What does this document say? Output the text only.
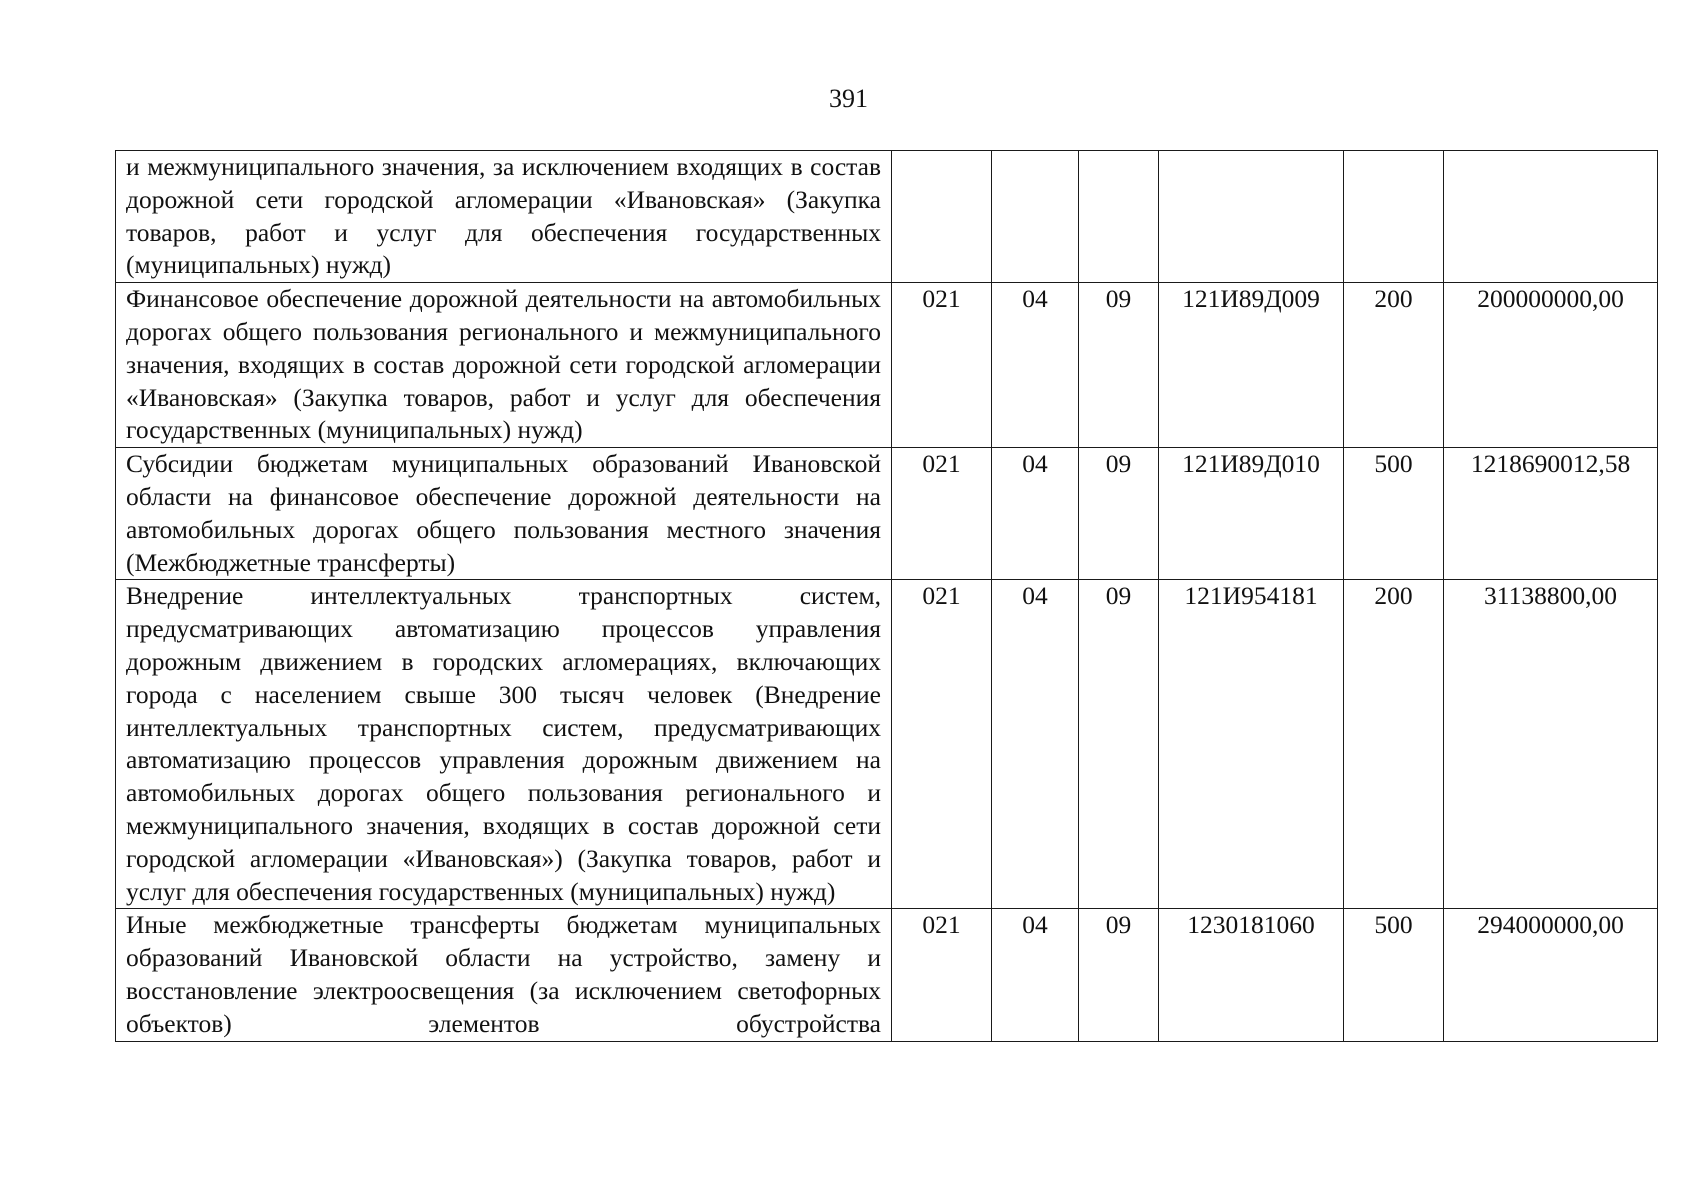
391
и межмуниципального значения, за исключением входящих в состав дорожной сети городской агломерации «Ивановская» (Закупка товаров, работ и услуг для обеспечения государственных (муниципальных) нужд)						
Финансовое обеспечение дорожной деятельности на автомобильных дорогах общего пользования регионального и межмуниципального значения, входящих в состав дорожной сети городской агломерации «Ивановская» (Закупка товаров, работ и услуг для обеспечения государственных (муниципальных) нужд)	021	04	09	121И89Д009	200	200000000,00
Субсидии бюджетам муниципальных образований Ивановской области на финансовое обеспечение дорожной деятельности на автомобильных дорогах общего пользования местного значения (Межбюджетные трансферты)	021	04	09	121И89Д010	500	1218690012,58
Внедрение интеллектуальных транспортных систем, предусматривающих автоматизацию процессов управления дорожным движением в городских агломерациях, включающих города с населением свыше 300 тысяч человек (Внедрение интеллектуальных транспортных систем, предусматривающих автоматизацию процессов управления дорожным движением на автомобильных дорогах общего пользования регионального и межмуниципального значения, входящих в состав дорожной сети городской агломерации «Ивановская») (Закупка товаров, работ и услуг для обеспечения государственных (муниципальных) нужд)	021	04	09	121И954181	200	31138800,00
Иные межбюджетные трансферты бюджетам муниципальных образований Ивановской области на устройство, замену и восстановление электроосвещения (за исключением светофорных объектов) элементов обустройства	021	04	09	1230181060	500	294000000,00
